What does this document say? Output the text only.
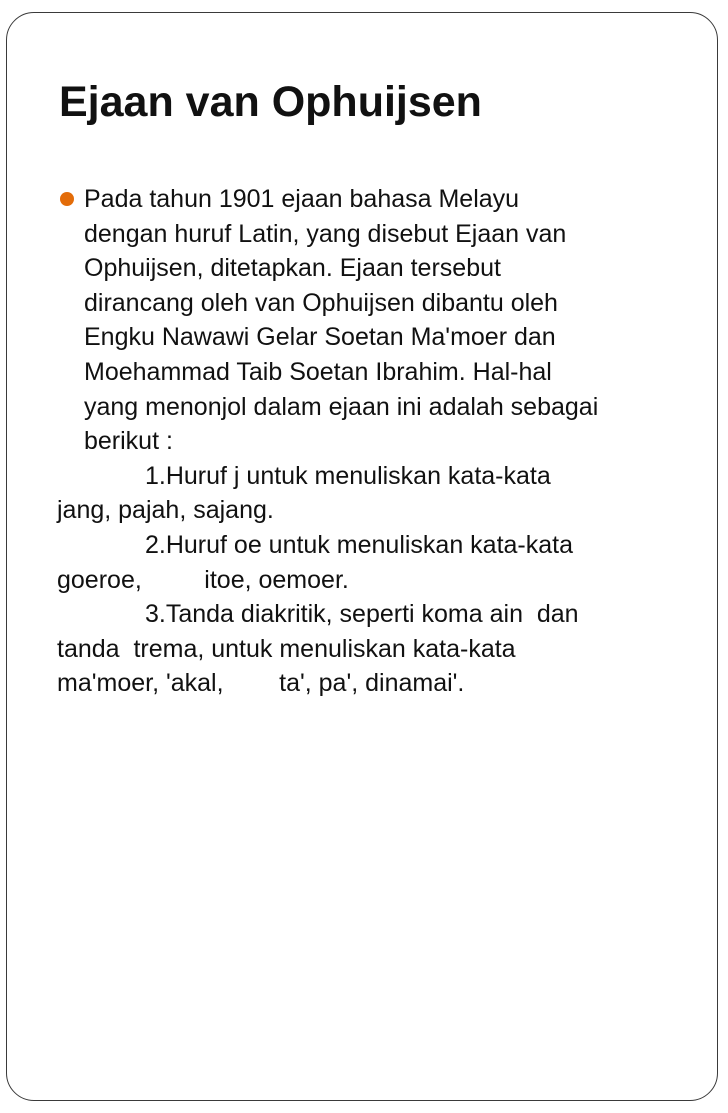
Ejaan van Ophuijsen
Pada tahun 1901 ejaan bahasa Melayu
dengan huruf Latin, yang disebut Ejaan van
Ophuijsen, ditetapkan. Ejaan tersebut
dirancang oleh van Ophuijsen dibantu oleh
Engku Nawawi Gelar Soetan Ma'moer dan
Moehammad Taib Soetan Ibrahim. Hal-hal
yang menonjol dalam ejaan ini adalah sebagai
berikut :
1.Huruf j untuk menuliskan kata-kata
jang, pajah, sajang.
2.Huruf oe untuk menuliskan kata-kata
goeroe,         itoe, oemoer.
3.Tanda diakritik, seperti koma ain  dan
tanda  trema, untuk menuliskan kata-kata
ma'moer, 'akal,        ta', pa', dinamai'.
